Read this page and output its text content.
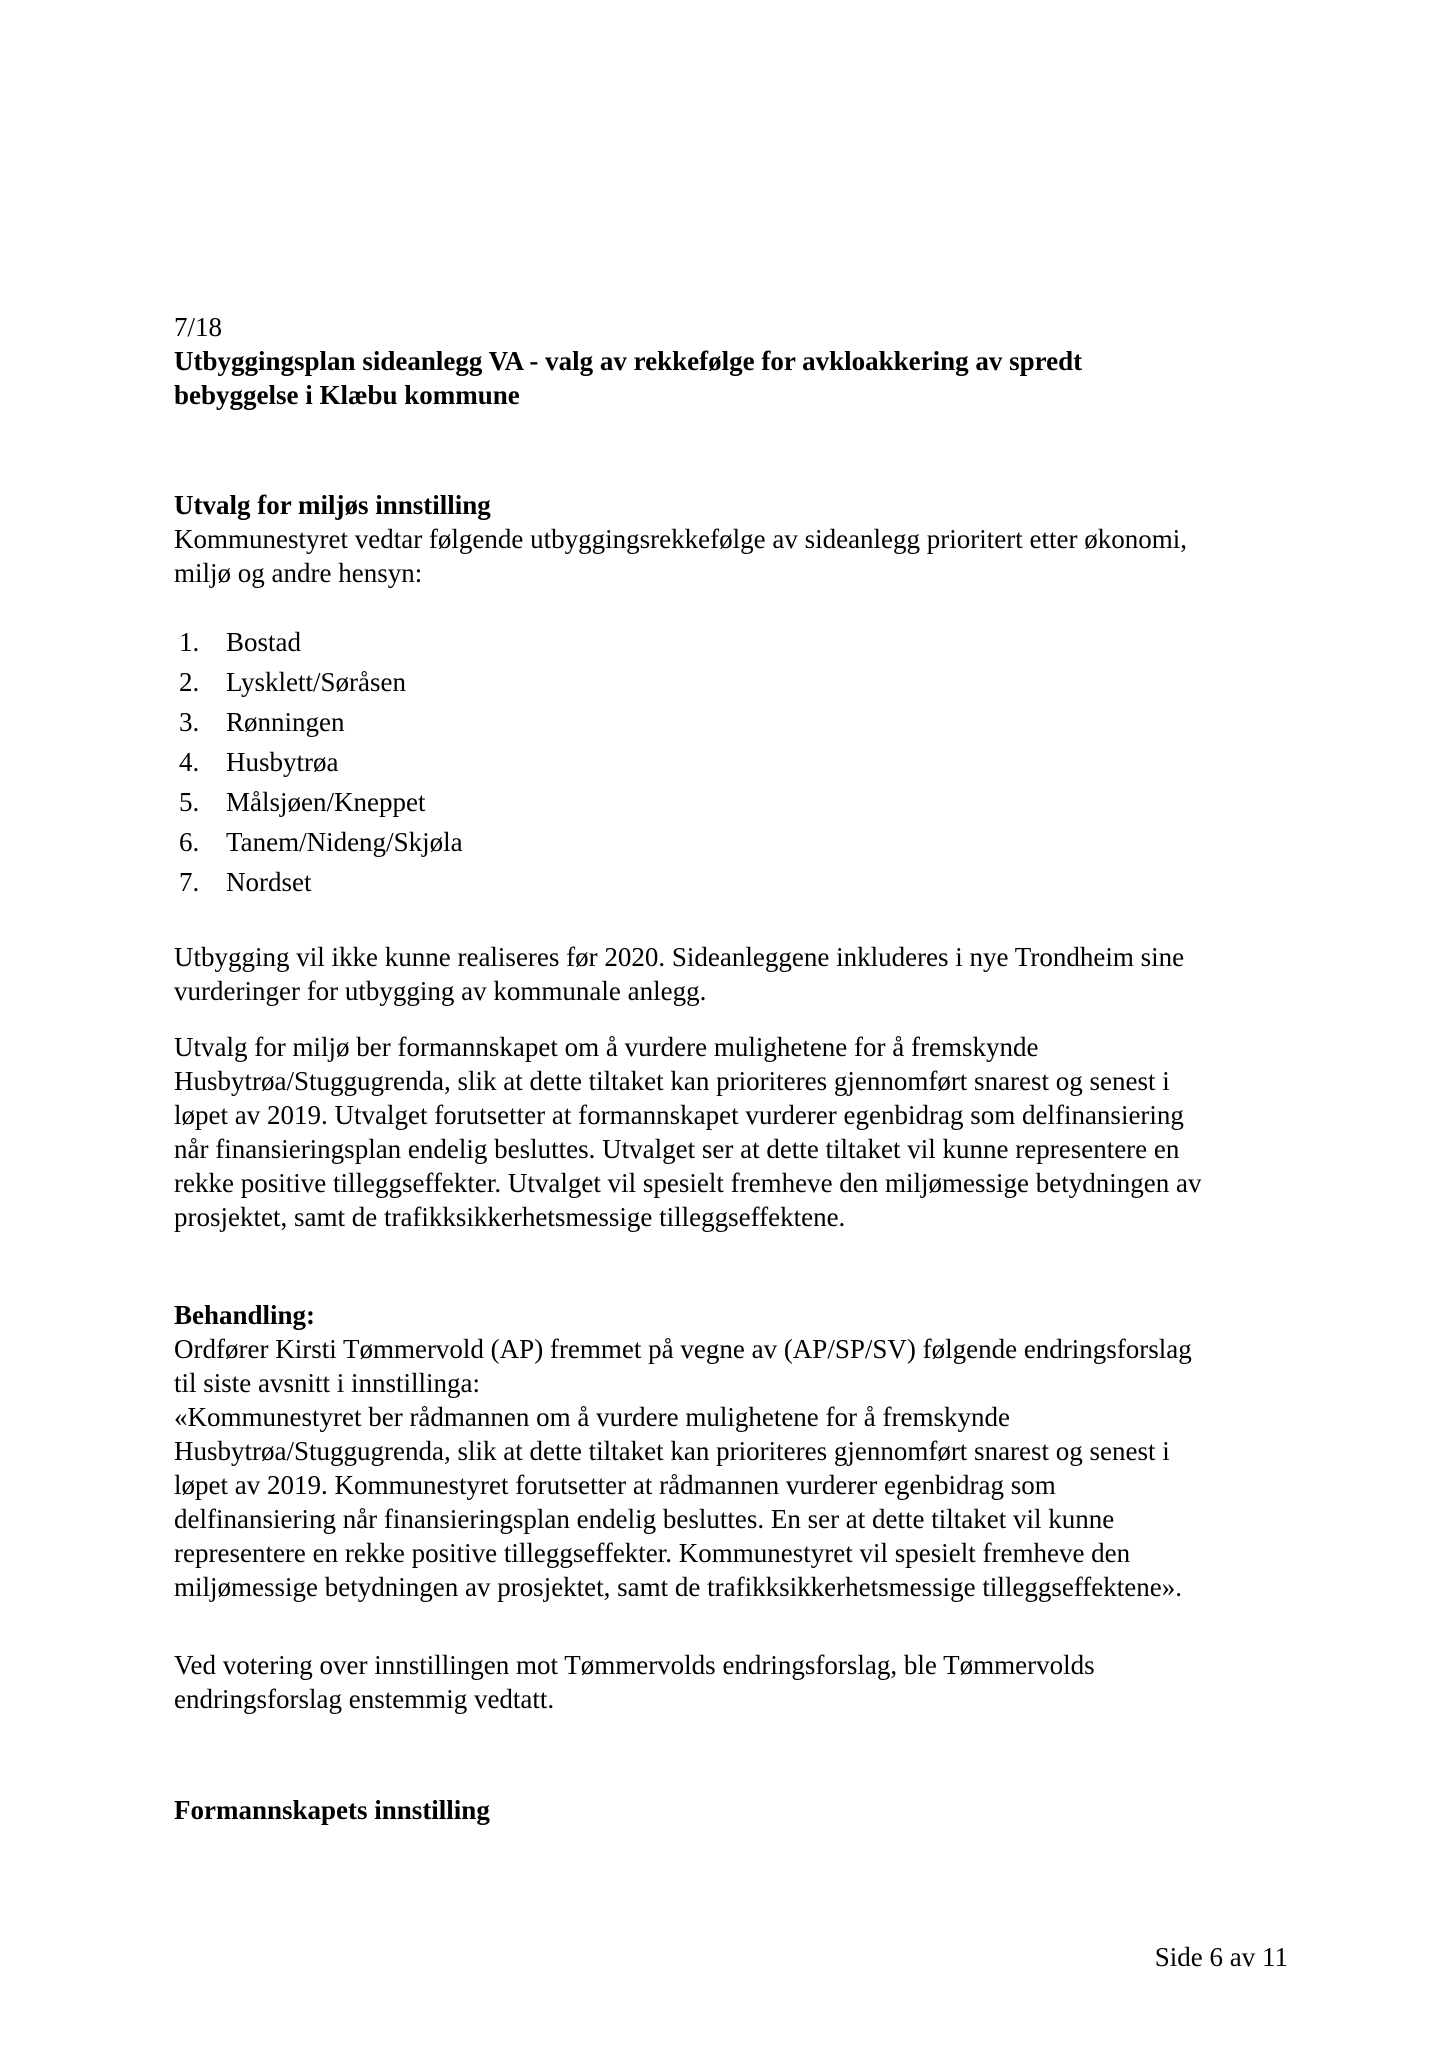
7/18
Utbyggingsplan sideanlegg VA - valg av rekkefølge for avkloakkering av spredt
bebyggelse i Klæbu kommune
Utvalg for miljøs innstilling
Kommunestyret vedtar følgende utbyggingsrekkefølge av sideanlegg prioritert etter økonomi,
miljø og andre hensyn:
1. Bostad
2. Lysklett/Søråsen
3. Rønningen
4. Husbytrøa
5. Målsjøen/Kneppet
6. Tanem/Nideng/Skjøla
7. Nordset
Utbygging vil ikke kunne realiseres før 2020. Sideanleggene inkluderes i nye Trondheim sine
vurderinger for utbygging av kommunale anlegg.
Utvalg for miljø ber formannskapet om å vurdere mulighetene for å fremskynde
Husbytrøa/Stuggugrenda, slik at dette tiltaket kan prioriteres gjennomført snarest og senest i
løpet av 2019. Utvalget forutsetter at formannskapet vurderer egenbidrag som delfinansiering
når finansieringsplan endelig besluttes. Utvalget ser at dette tiltaket vil kunne representere en
rekke positive tilleggseffekter. Utvalget vil spesielt fremheve den miljømessige betydningen av
prosjektet, samt de trafikksikkerhetsmessige tilleggseffektene.
Behandling:
Ordfører Kirsti Tømmervold (AP) fremmet på vegne av (AP/SP/SV) følgende endringsforslag
til siste avsnitt i innstillinga:
«Kommunestyret ber rådmannen om å vurdere mulighetene for å fremskynde
Husbytrøa/Stuggugrenda, slik at dette tiltaket kan prioriteres gjennomført snarest og senest i
løpet av 2019. Kommunestyret forutsetter at rådmannen vurderer egenbidrag som
delfinansiering når finansieringsplan endelig besluttes. En ser at dette tiltaket vil kunne
representere en rekke positive tilleggseffekter. Kommunestyret vil spesielt fremheve den
miljømessige betydningen av prosjektet, samt de trafikksikkerhetsmessige tilleggseffektene».
Ved votering over innstillingen mot Tømmervolds endringsforslag, ble Tømmervolds
endringsforslag enstemmig vedtatt.
Formannskapets innstilling
Side 6 av 11
